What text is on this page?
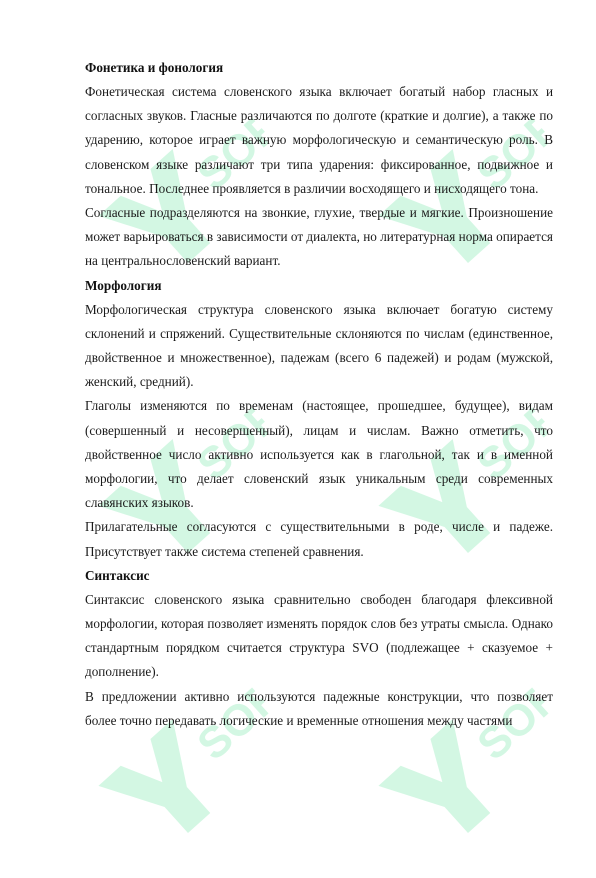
SOFT	SOFT
SOFT	SOFT
SOFT	SOFT
Фонетика и фонология

Фонетическая система словенского языка включает богатый набор гласных и согласных звуков. Гласные различаются по долготе (краткие и долгие), а также по ударению, которое играет важную морфологическую и семантическую роль. В словенском языке различают три типа ударения: фиксированное, подвижное и тональное. Последнее проявляется в различии восходящего и нисходящего тона.

Согласные подразделяются на звонкие, глухие, твердые и мягкие. Произношение может варьироваться в зависимости от диалекта, но литературная норма опирается на центральнословенский вариант.

Морфология

Морфологическая структура словенского языка включает богатую систему склонений и спряжений. Существительные склоняются по числам (единственное, двойственное и множественное), падежам (всего 6 падежей) и родам (мужской, женский, средний).

Глаголы изменяются по временам (настоящее, прошедшее, будущее), видам (совершенный и несовершенный), лицам и числам. Важно отметить, что двойственное число активно используется как в глагольной, так и в именной морфологии, что делает словенский язык уникальным среди современных славянских языков.

Прилагательные согласуются с существительными в роде, числе и падеже. Присутствует также система степеней сравнения.

Синтаксис

Синтаксис словенского языка сравнительно свободен благодаря флексивной морфологии, которая позволяет изменять порядок слов без утраты смысла. Однако стандартным порядком считается структура SVO (подлежащее + сказуемое + дополнение).

В предложении активно используются падежные конструкции, что позволяет более точно передавать логические и временные отношения между частями
